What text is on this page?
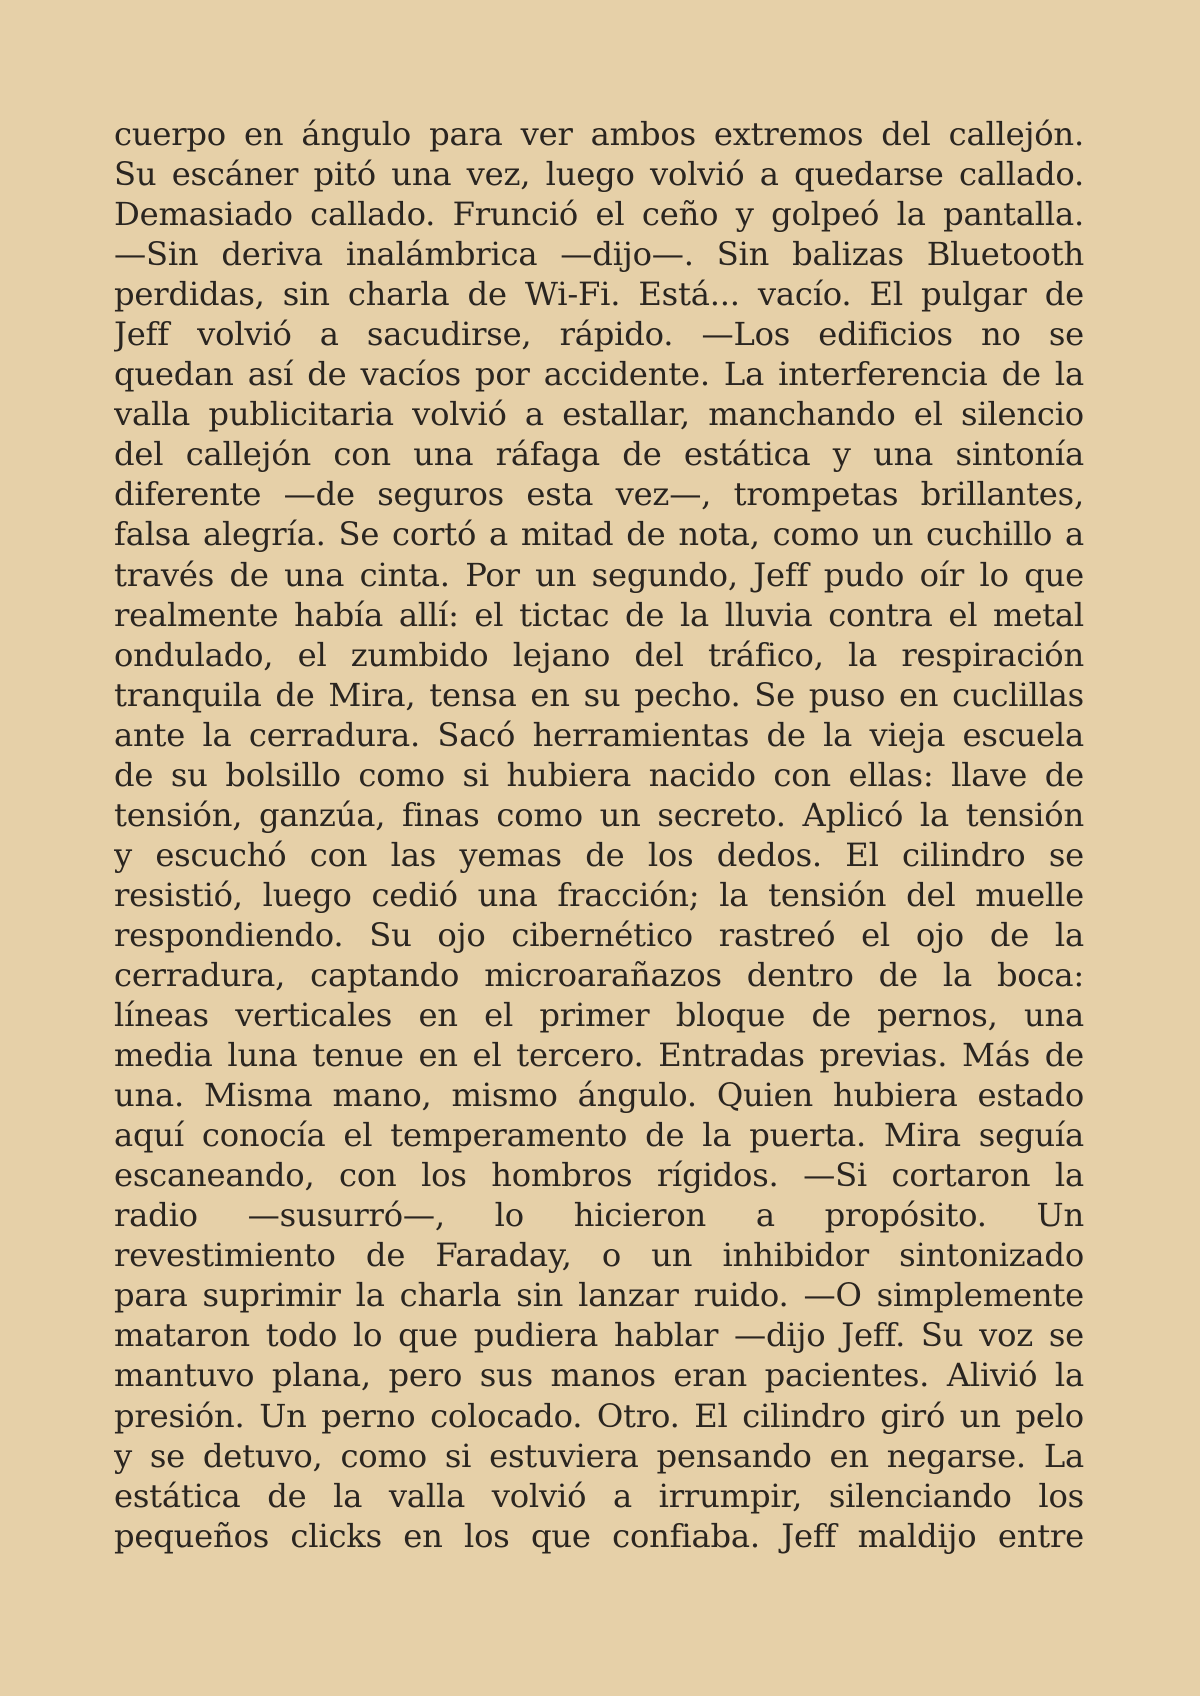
cuerpo en ángulo para ver ambos extremos del callejón.
Su escáner pitó una vez, luego volvió a quedarse callado.
Demasiado callado. Frunció el ceño y golpeó la pantalla.
—Sin deriva inalámbrica —dijo—. Sin balizas Bluetooth
perdidas, sin charla de Wi-Fi. Está... vacío. El pulgar de
Jeff volvió a sacudirse, rápido. —Los edificios no se
quedan así de vacíos por accidente. La interferencia de la
valla publicitaria volvió a estallar, manchando el silencio
del callejón con una ráfaga de estática y una sintonía
diferente —de seguros esta vez—, trompetas brillantes,
falsa alegría. Se cortó a mitad de nota, como un cuchillo a
través de una cinta. Por un segundo, Jeff pudo oír lo que
realmente había allí: el tictac de la lluvia contra el metal
ondulado, el zumbido lejano del tráfico, la respiración
tranquila de Mira, tensa en su pecho. Se puso en cuclillas
ante la cerradura. Sacó herramientas de la vieja escuela
de su bolsillo como si hubiera nacido con ellas: llave de
tensión, ganzúa, finas como un secreto. Aplicó la tensión
y escuchó con las yemas de los dedos. El cilindro se
resistió, luego cedió una fracción; la tensión del muelle
respondiendo. Su ojo cibernético rastreó el ojo de la
cerradura, captando microarañazos dentro de la boca:
líneas verticales en el primer bloque de pernos, una
media luna tenue en el tercero. Entradas previas. Más de
una. Misma mano, mismo ángulo. Quien hubiera estado
aquí conocía el temperamento de la puerta. Mira seguía
escaneando, con los hombros rígidos. —Si cortaron la
radio —susurró—, lo hicieron a propósito. Un
revestimiento de Faraday, o un inhibidor sintonizado
para suprimir la charla sin lanzar ruido. —O simplemente
mataron todo lo que pudiera hablar —dijo Jeff. Su voz se
mantuvo plana, pero sus manos eran pacientes. Alivió la
presión. Un perno colocado. Otro. El cilindro giró un pelo
y se detuvo, como si estuviera pensando en negarse. La
estática de la valla volvió a irrumpir, silenciando los
pequeños clicks en los que confiaba. Jeff maldijo entre
